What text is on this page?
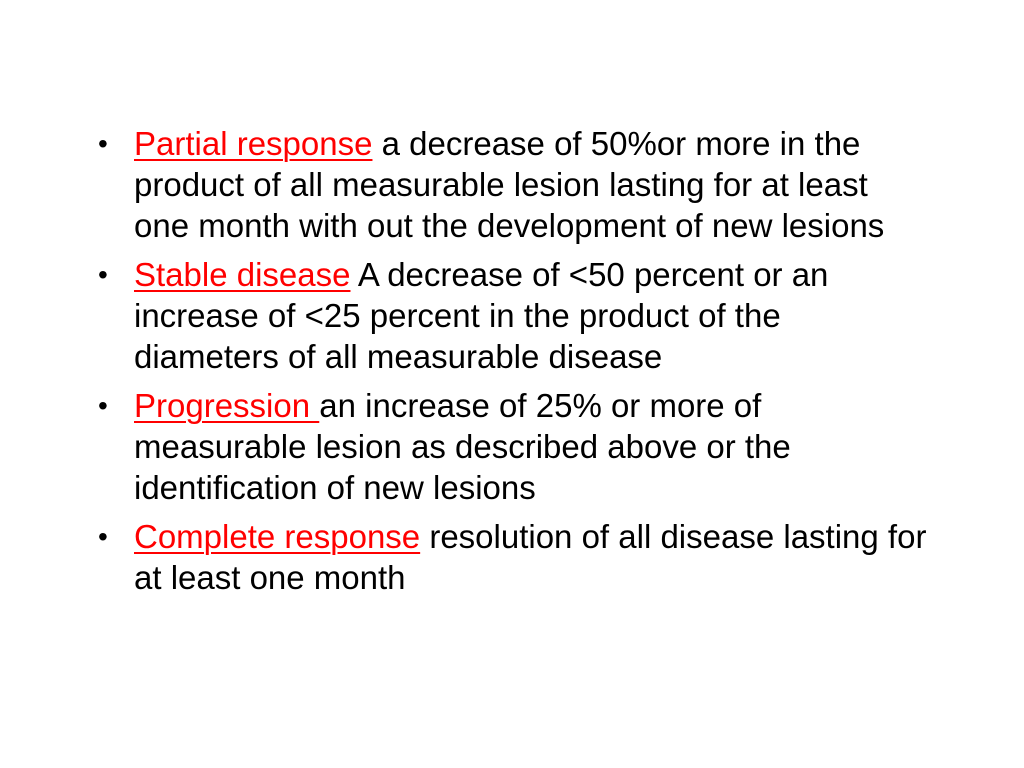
• Partial response a decrease of 50%or more in the product of all measurable lesion lasting for at least one month with out the development of new lesions
• Stable disease A decrease of <50 percent or an increase of <25 percent in the product of the diameters of all measurable disease
• Progression an increase of 25% or more of measurable lesion as described above or the identification of new lesions
• Complete response resolution of all disease lasting for at least one month
